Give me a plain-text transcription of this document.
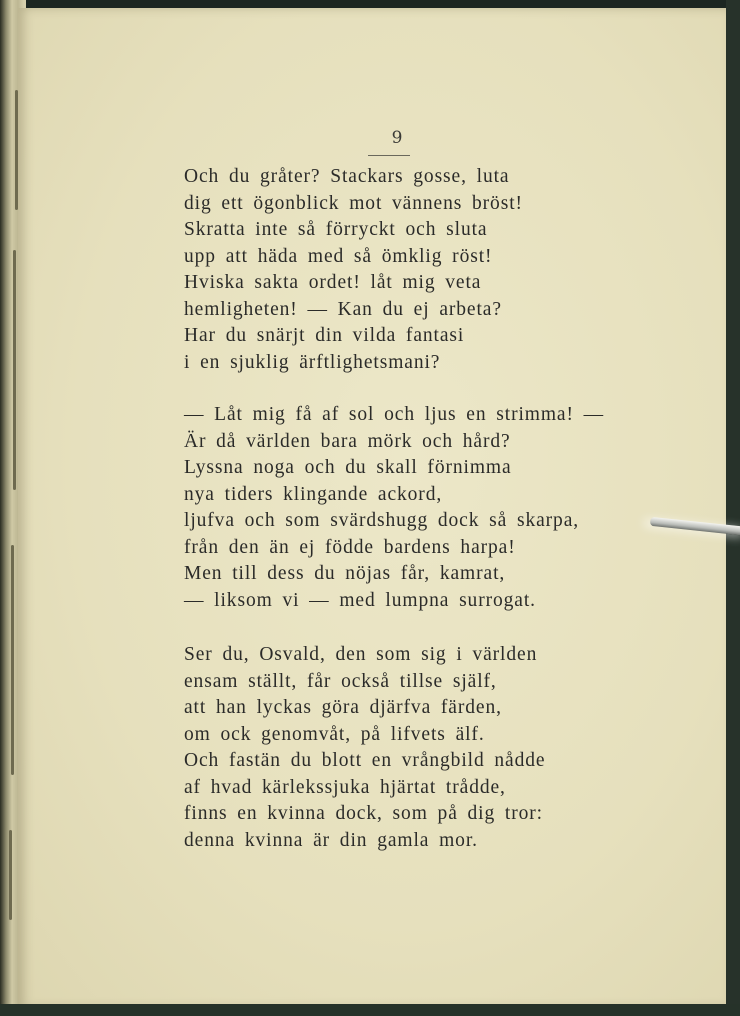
9
Och du gråter? Stackars gosse, luta
dig ett ögonblick mot vännens bröst!
Skratta inte så förryckt och sluta
upp att häda med så ömklig röst!
Hviska sakta ordet! låt mig veta
hemligheten! — Kan du ej arbeta?
Har du snärjt din vilda fantasi
i en sjuklig ärftlighetsmani?
— Låt mig få af sol och ljus en strimma! —
Är då världen bara mörk och hård?
Lyssna noga och du skall förnimma
nya tiders klingande ackord,
ljufva och som svärdshugg dock så skarpa,
från den än ej födde bardens harpa!
Men till dess du nöjas får, kamrat,
— liksom vi — med lumpna surrogat.
Ser du, Osvald, den som sig i världen
ensam ställt, får också tillse själf,
att han lyckas göra djärfva färden,
om ock genomvåt, på lifvets älf.
Och fastän du blott en vrångbild nådde
af hvad kärlekssjuka hjärtat trådde,
finns en kvinna dock, som på dig tror:
denna kvinna är din gamla mor.
